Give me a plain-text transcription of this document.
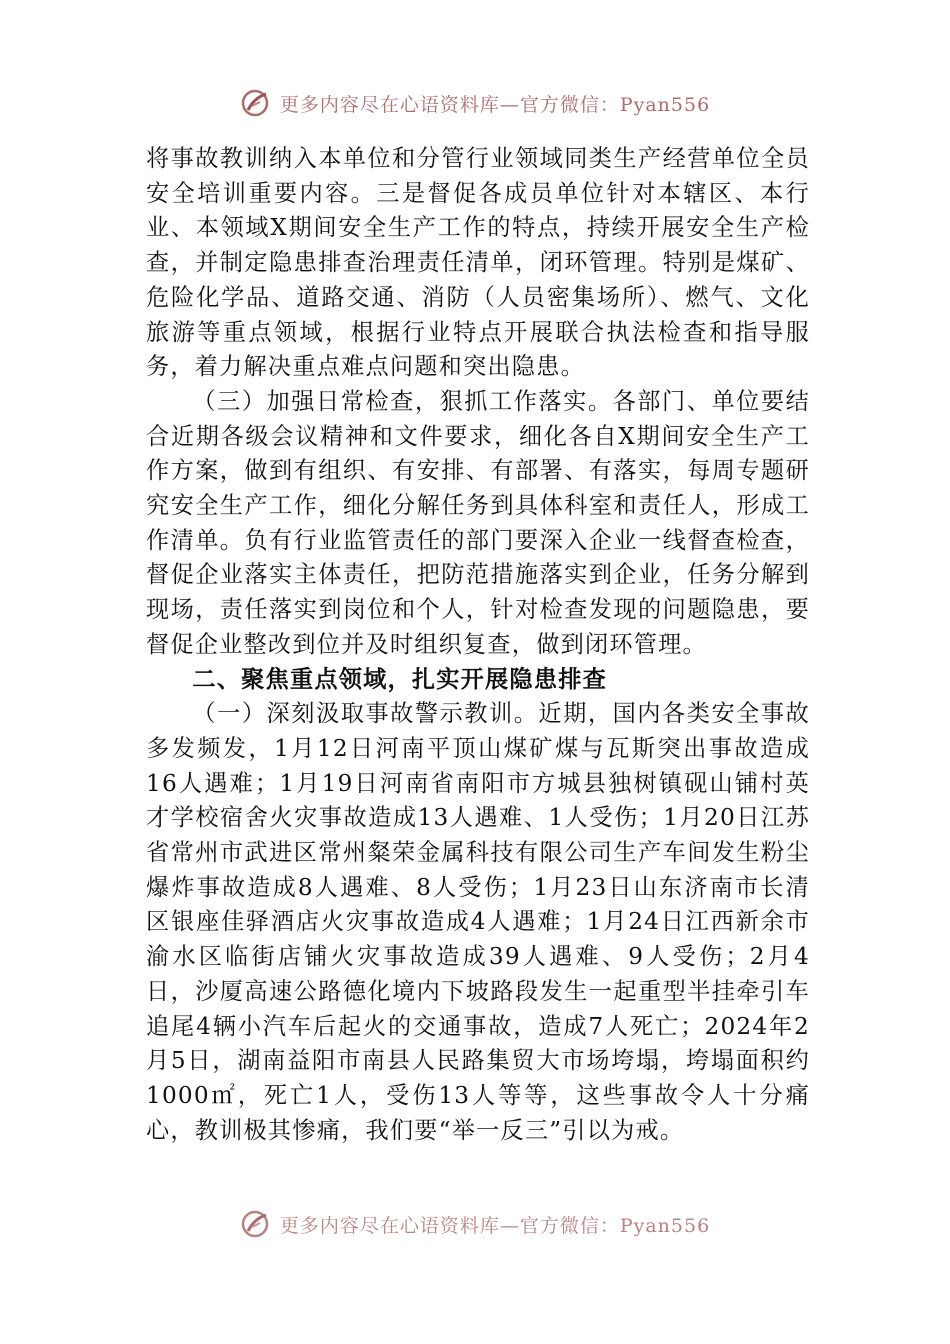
更多内容尽在心语资料库—官方微信：Pyan556

将事故教训纳入本单位和分管行业领域同类生产经营单位全员安全培训重要内容。三是督促各成员单位针对本辖区、本行业、本领域X期间安全生产工作的特点，持续开展安全生产检查，并制定隐患排查治理责任清单，闭环管理。特别是煤矿、危险化学品、道路交通、消防（人员密集场所）、燃气、文化旅游等重点领域，根据行业特点开展联合执法检查和指导服务，着力解决重点难点问题和突出隐患。

（三）加强日常检查，狠抓工作落实。各部门、单位要结合近期各级会议精神和文件要求，细化各自X期间安全生产工作方案，做到有组织、有安排、有部署、有落实，每周专题研究安全生产工作，细化分解任务到具体科室和责任人，形成工作清单。负有行业监管责任的部门要深入企业一线督查检查，督促企业落实主体责任，把防范措施落实到企业，任务分解到现场，责任落实到岗位和个人，针对检查发现的问题隐患，要督促企业整改到位并及时组织复查，做到闭环管理。

二、聚焦重点领域，扎实开展隐患排查

（一）深刻汲取事故警示教训。近期，国内各类安全事故多发频发，1月12日河南平顶山煤矿煤与瓦斯突出事故造成16人遇难；1月19日河南省南阳市方城县独树镇砚山铺村英才学校宿舍火灾事故造成13人遇难、1人受伤；1月20日江苏省常州市武进区常州粲荣金属科技有限公司生产车间发生粉尘爆炸事故造成8人遇难、8人受伤；1月23日山东济南市长清区银座佳驿酒店火灾事故造成4人遇难；1月24日江西新余市渝水区临街店铺火灾事故造成39人遇难、9人受伤；2月4日，沙厦高速公路德化境内下坡路段发生一起重型半挂牵引车追尾4辆小汽车后起火的交通事故，造成7人死亡；2024年2月5日，湖南益阳市南县人民路集贸大市场垮塌，垮塌面积约1000㎡，死亡1人，受伤13人等等，这些事故令人十分痛心，教训极其惨痛，我们要“举一反三”引以为戒。

更多内容尽在心语资料库—官方微信：Pyan556
